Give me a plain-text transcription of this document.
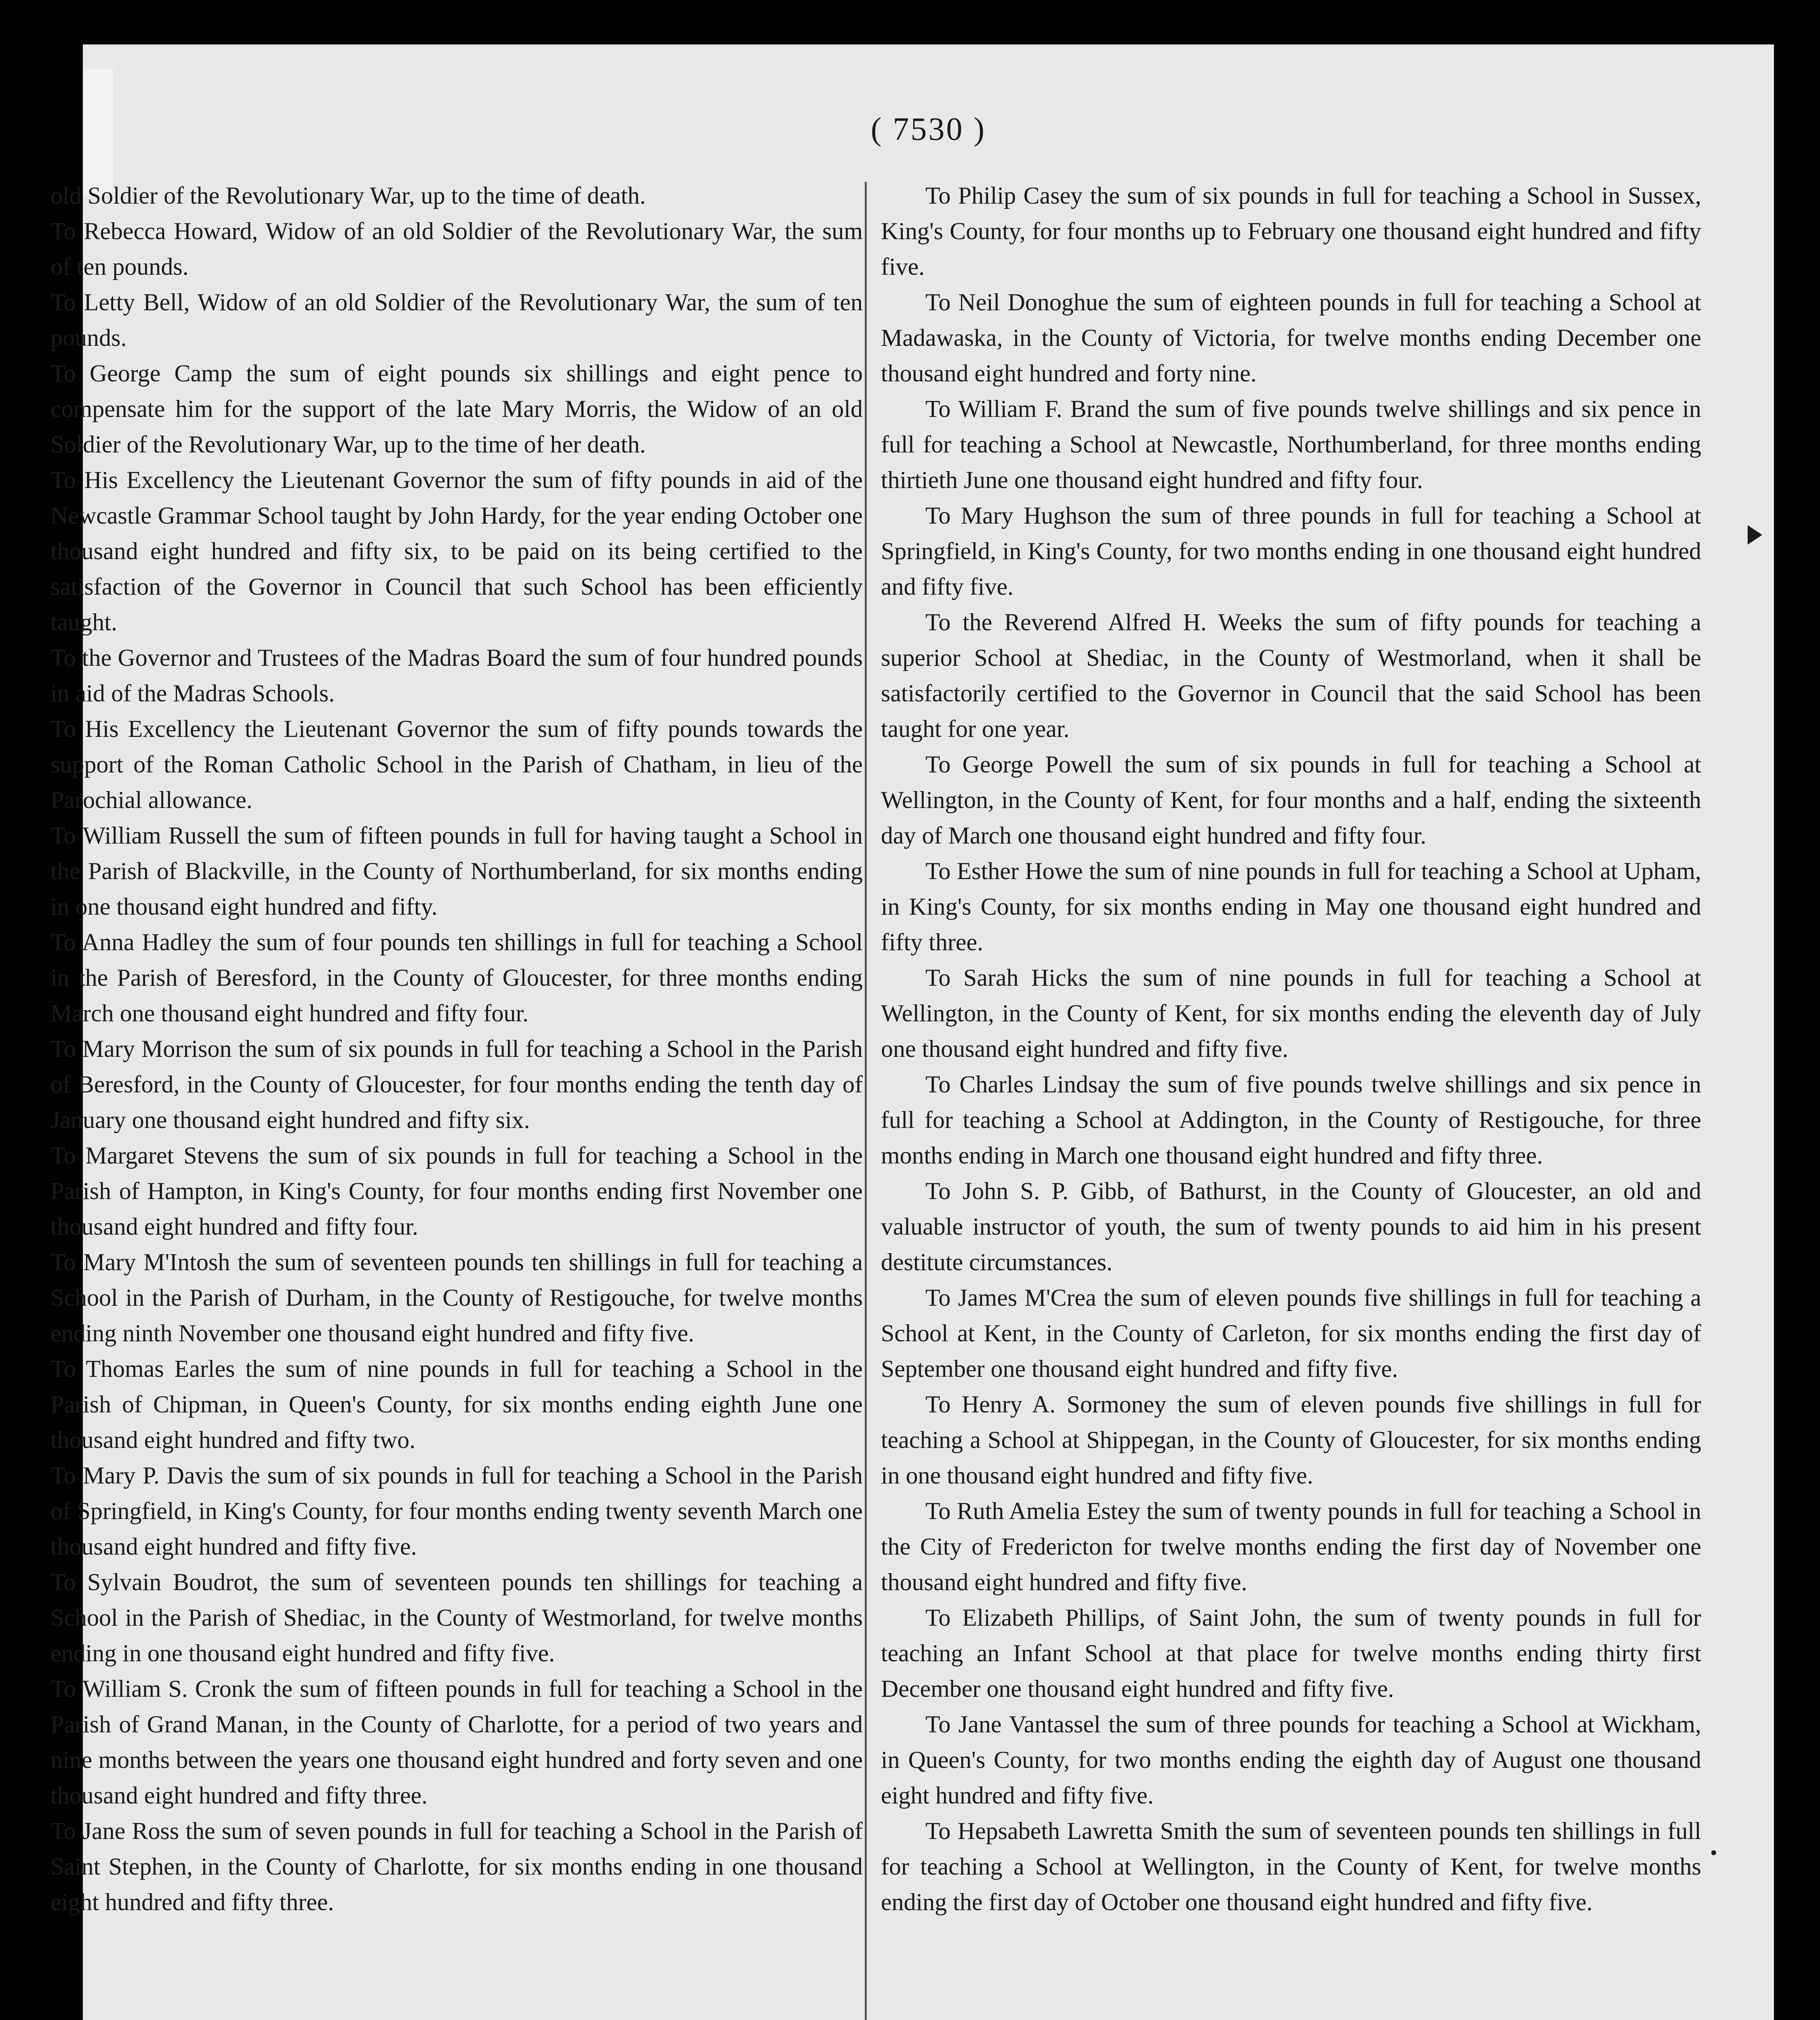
( 7530 )

old Soldier of the Revolutionary War, up to the time of death.

To Rebecca Howard, Widow of an old Soldier of the Revolutionary War, the sum of ten pounds.

To Letty Bell, Widow of an old Soldier of the Revolutionary War, the sum of ten pounds.

To George Camp the sum of eight pounds six shillings and eight pence to compensate him for the support of the late Mary Morris, the Widow of an old Soldier of the Revolutionary War, up to the time of her death.

To His Excellency the Lieutenant Governor the sum of fifty pounds in aid of the Newcastle Grammar School taught by John Hardy, for the year ending October one thousand eight hundred and fifty six, to be paid on its being certified to the satisfaction of the Governor in Council that such School has been efficiently taught.

To the Governor and Trustees of the Madras Board the sum of four hundred pounds in aid of the Madras Schools.

To His Excellency the Lieutenant Governor the sum of fifty pounds towards the support of the Roman Catholic School in the Parish of Chatham, in lieu of the Parochial allowance.

To William Russell the sum of fifteen pounds in full for having taught a School in the Parish of Blackville, in the County of Northumberland, for six months ending in one thousand eight hundred and fifty.

To Anna Hadley the sum of four pounds ten shillings in full for teaching a School in the Parish of Beresford, in the County of Gloucester, for three months ending March one thousand eight hundred and fifty four.

To Mary Morrison the sum of six pounds in full for teaching a School in the Parish of Beresford, in the County of Gloucester, for four months ending the tenth day of January one thousand eight hundred and fifty six.

To Margaret Stevens the sum of six pounds in full for teaching a School in the Parish of Hampton, in King's County, for four months ending first November one thousand eight hundred and fifty four.

To Mary M'Intosh the sum of seventeen pounds ten shillings in full for teaching a School in the Parish of Durham, in the County of Restigouche, for twelve months ending ninth November one thousand eight hundred and fifty five.

To Thomas Earles the sum of nine pounds in full for teaching a School in the Parish of Chipman, in Queen's County, for six months ending eighth June one thousand eight hundred and fifty two.

To Mary P. Davis the sum of six pounds in full for teaching a School in the Parish of Springfield, in King's County, for four months ending twenty seventh March one thousand eight hundred and fifty five.

To Sylvain Boudrot, the sum of seventeen pounds ten shillings for teaching a School in the Parish of Shediac, in the County of Westmorland, for twelve months ending in one thousand eight hundred and fifty five.

To William S. Cronk the sum of fifteen pounds in full for teaching a School in the Parish of Grand Manan, in the County of Charlotte, for a period of two years and nine months between the years one thousand eight hundred and forty seven and one thousand eight hundred and fifty three.

To Jane Ross the sum of seven pounds in full for teaching a School in the Parish of Saint Stephen, in the County of Charlotte, for six months ending in one thousand eight hundred and fifty three.

To Philip Casey the sum of six pounds in full for teaching a School in Sussex, King's County, for four months up to February one thousand eight hundred and fifty five.

To Neil Donoghue the sum of eighteen pounds in full for teaching a School at Madawaska, in the County of Victoria, for twelve months ending December one thousand eight hundred and forty nine.

To William F. Brand the sum of five pounds twelve shillings and six pence in full for teaching a School at Newcastle, Northumberland, for three months ending thirtieth June one thousand eight hundred and fifty four.

To Mary Hughson the sum of three pounds in full for teaching a School at Springfield, in King's County, for two months ending in one thousand eight hundred and fifty five.

To the Reverend Alfred H. Weeks the sum of fifty pounds for teaching a superior School at Shediac, in the County of Westmorland, when it shall be satisfactorily certified to the Governor in Council that the said School has been taught for one year.

To George Powell the sum of six pounds in full for teaching a School at Wellington, in the County of Kent, for four months and a half, ending the sixteenth day of March one thousand eight hundred and fifty four.

To Esther Howe the sum of nine pounds in full for teaching a School at Upham, in King's County, for six months ending in May one thousand eight hundred and fifty three.

To Sarah Hicks the sum of nine pounds in full for teaching a School at Wellington, in the County of Kent, for six months ending the eleventh day of July one thousand eight hundred and fifty five.

To Charles Lindsay the sum of five pounds twelve shillings and six pence in full for teaching a School at Addington, in the County of Restigouche, for three months ending in March one thousand eight hundred and fifty three.

To John S. P. Gibb, of Bathurst, in the County of Gloucester, an old and valuable instructor of youth, the sum of twenty pounds to aid him in his present destitute circumstances.

To James M'Crea the sum of eleven pounds five shillings in full for teaching a School at Kent, in the County of Carleton, for six months ending the first day of September one thousand eight hundred and fifty five.

To Henry A. Sormoney the sum of eleven pounds five shillings in full for teaching a School at Shippegan, in the County of Gloucester, for six months ending in one thousand eight hundred and fifty five.

To Ruth Amelia Estey the sum of twenty pounds in full for teaching a School in the City of Fredericton for twelve months ending the first day of November one thousand eight hundred and fifty five.

To Elizabeth Phillips, of Saint John, the sum of twenty pounds in full for teaching an Infant School at that place for twelve months ending thirty first December one thousand eight hundred and fifty five.

To Jane Vantassel the sum of three pounds for teaching a School at Wickham, in Queen's County, for two months ending the eighth day of August one thousand eight hundred and fifty five.

To Hepsabeth Lawretta Smith the sum of seventeen pounds ten shillings in full for teaching a School at Wellington, in the County of Kent, for twelve months ending the first day of October one thousand eight hundred and fifty five.
